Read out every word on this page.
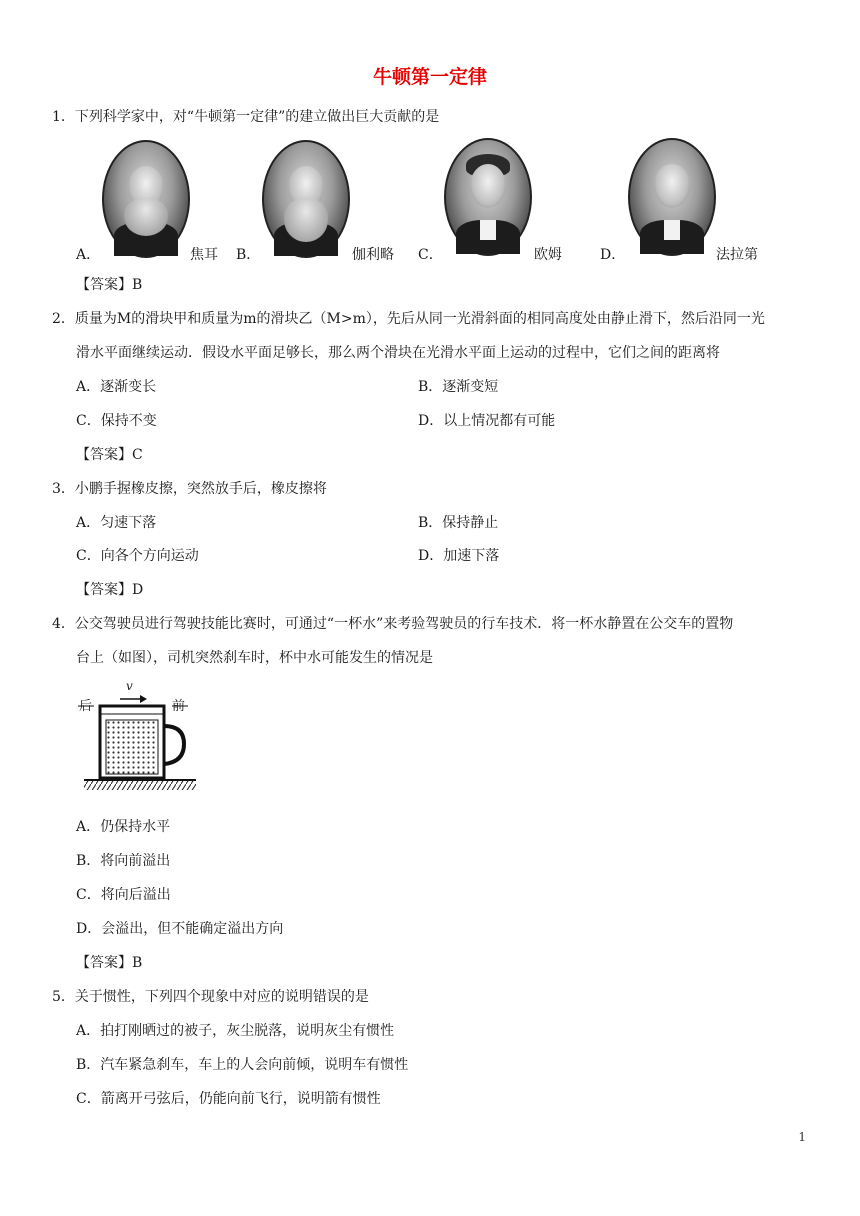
牛顿第一定律
1．下列科学家中，对“牛顿第一定律”的建立做出巨大贡献的是
A．	焦耳 B．	伽利略 C．	欧姆	D．	法拉第
【答案】B
2．质量为M的滑块甲和质量为m的滑块乙（M>m），先后从同一光滑斜面的相同高度处由静止滑下，然后沿同一光
滑水平面继续运动．假设水平面足够长，那么两个滑块在光滑水平面上运动的过程中，它们之间的距离将
A．逐渐变长	B．逐渐变短
C．保持不变	D．以上情况都有可能
【答案】C
3．小鹏手握橡皮擦，突然放手后，橡皮擦将
A．匀速下落	B．保持静止
C．向各个方向运动	D．加速下落
【答案】D
4．公交驾驶员进行驾驶技能比赛时，可通过“一杯水”来考验驾驶员的行车技术．将一杯水静置在公交车的置物
台上（如图），司机突然刹车时，杯中水可能发生的情况是
后	前
v
A．仍保持水平
B．将向前溢出
C．将向后溢出
D．会溢出，但不能确定溢出方向
【答案】B
5．关于惯性，下列四个现象中对应的说明错误的是
A．拍打刚晒过的被子，灰尘脱落，说明灰尘有惯性
B．汽车紧急刹车，车上的人会向前倾，说明车有惯性
C．箭离开弓弦后，仍能向前飞行，说明箭有惯性
1
